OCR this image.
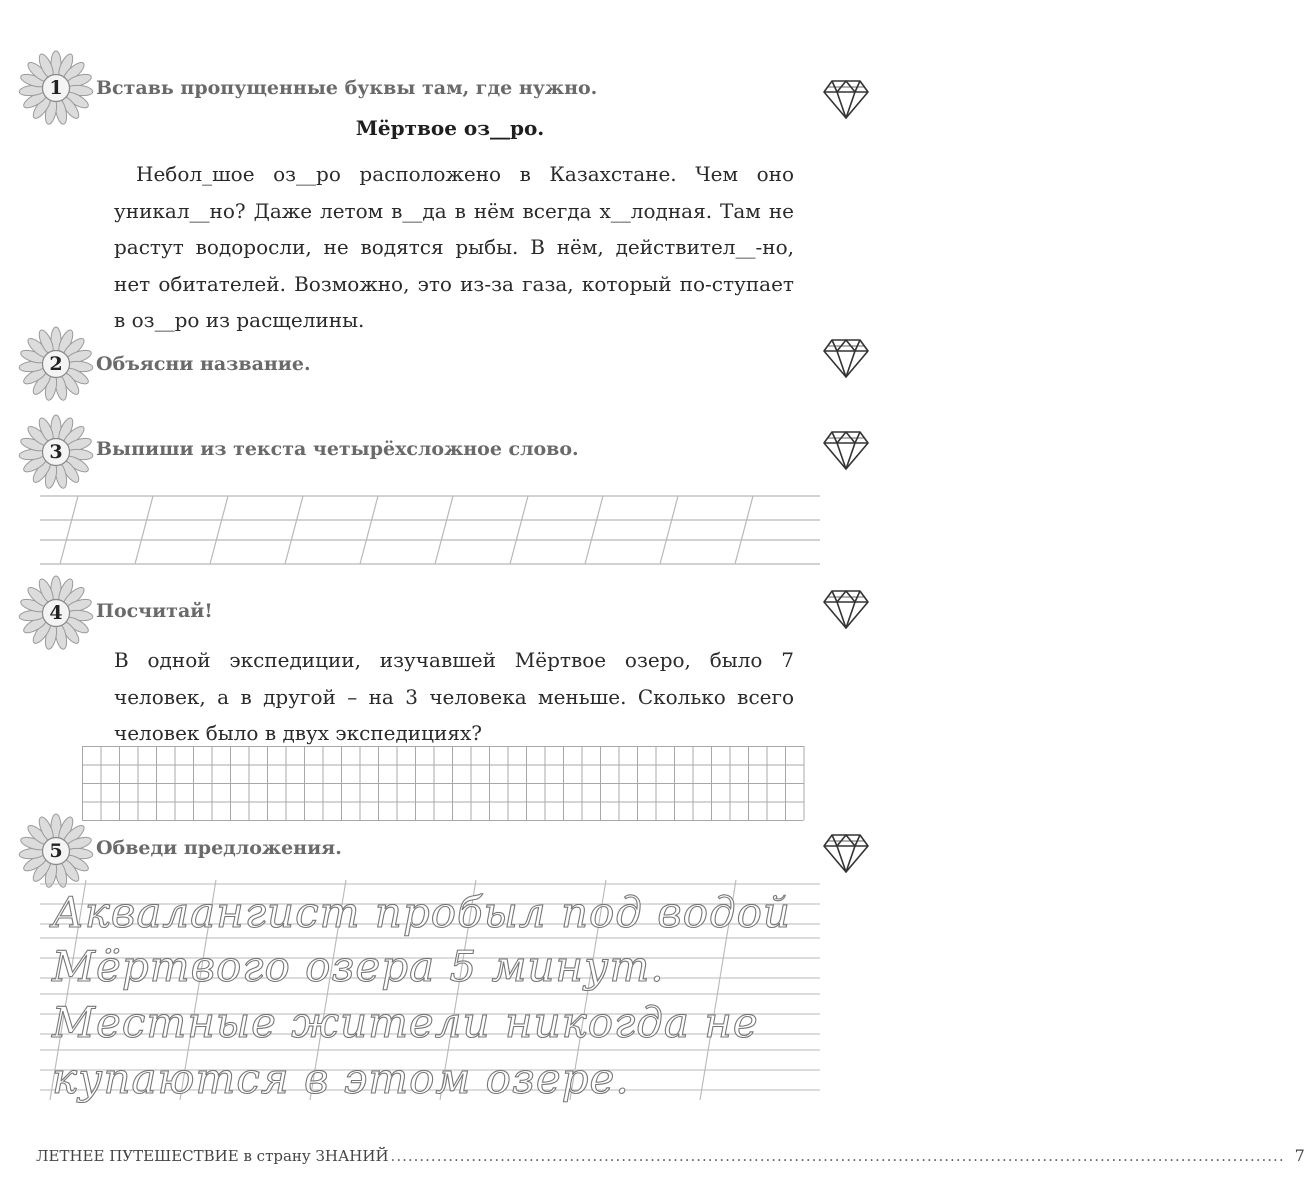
1	Вставь пропущенные буквы там, где нужно.
Мёртвое оз__ро.
Небол_шое оз__ро расположено в Казахстане. Чем оно уникал__но? Даже летом в__да в нём всегда х__лодная. Там не растут водоросли, не водятся рыбы. В нём, действител__-но, нет обитателей. Возможно, это из-за газа, который по-ступает в оз__ро из расщелины.
2	Объясни название.
3	Выпиши из текста четырёхсложное слово.
4	Посчитай!
В одной экспедиции, изучавшей Мёртвое озеро, было 7 человек, а в другой – на 3 человека меньше. Сколько всего человек было в двух экспедициях?
5	Обведи предложения.
Аквалангист пробыл под водой
Мёртвого озера 5 минут.
Местные жители никогда не
купаются в этом озере.
ЛЕТНЕЕ ПУТЕШЕСТВИЕ в страну ЗНАНИЙ ........................................................................................................................................................... 7
